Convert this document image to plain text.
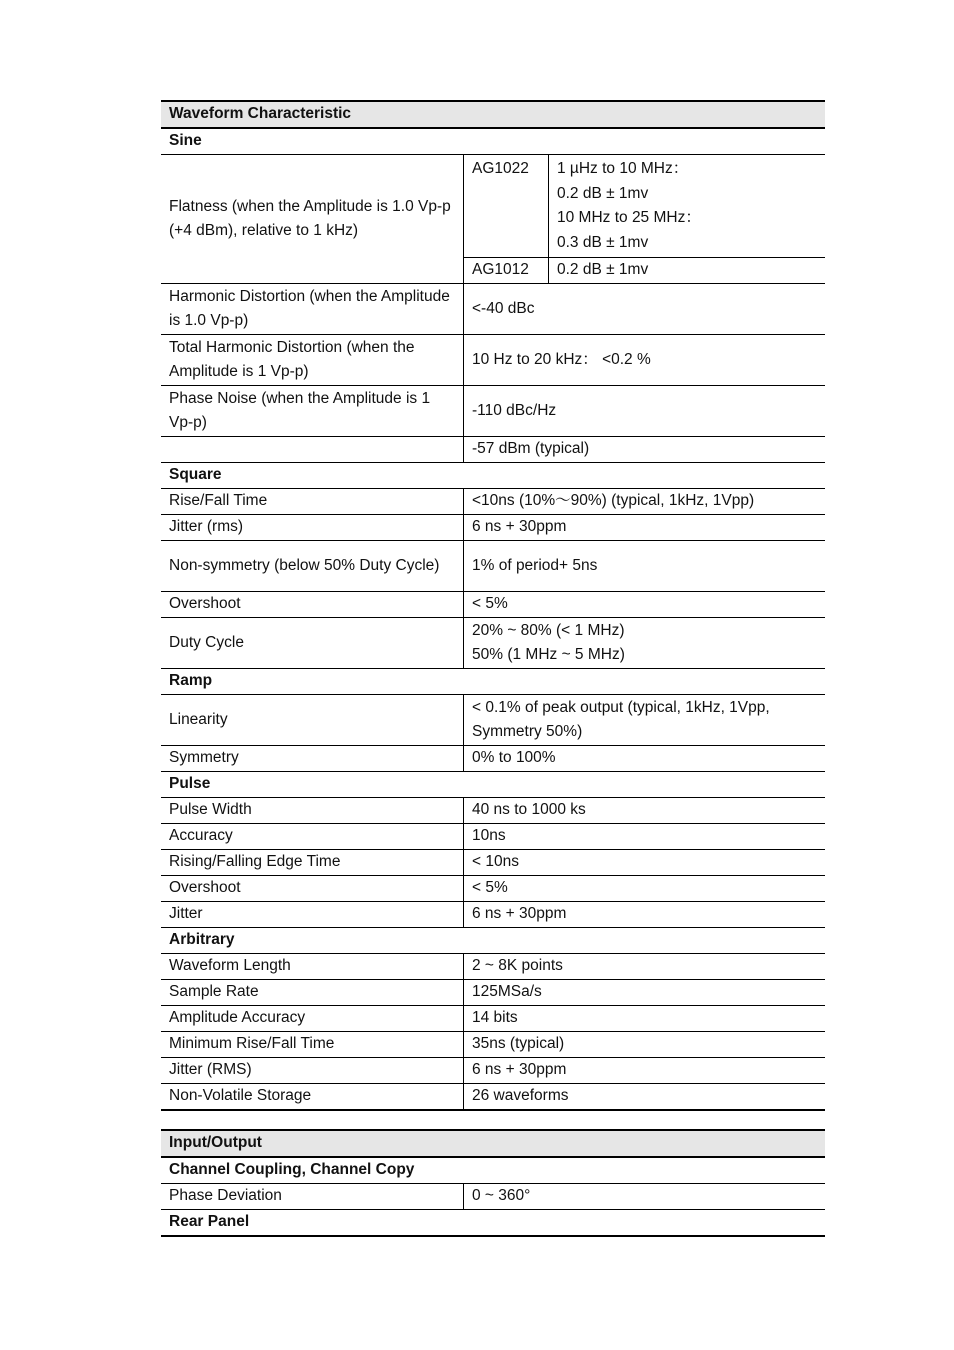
Waveform Characteristic		
Sine		
Flatness (when the Amplitude is 1.0 Vp-p (+4 dBm), relative to 1 kHz)	AG1022	1 µHz to 10 MHz：
0.2 dB ± 1mv
10 MHz to 25 MHz：
0.3 dB ± 1mv

	AG1012	0.2 dB ± 1mv
Harmonic Distortion (when the Amplitude is 1.0 Vp-p)	<-40 dBc	
Total Harmonic Distortion (when the Amplitude is 1 Vp-p)	10 Hz to 20 kHz： <0.2 %	
Phase Noise (when the Amplitude is 1 Vp-p)	-110 dBc/Hz	
	-57 dBm (typical)	
Square		
Rise/Fall Time	<10ns (10%～90%) (typical, 1kHz, 1Vpp)	
Jitter (rms)	6 ns + 30ppm	
Non-symmetry (below 50% Duty Cycle)	1% of period+ 5ns	
Overshoot	< 5%	
Duty Cycle	20% ~ 80% (< 1 MHz)
50% (1 MHz ~ 5 MHz)	

Ramp		
Linearity	< 0.1% of peak output (typical, 1kHz, 1Vpp, Symmetry 50%)	
Symmetry	0% to 100%	
Pulse		
Pulse Width	40 ns to 1000 ks	
Accuracy	10ns	
Rising/Falling Edge Time	< 10ns	
Overshoot	< 5%	
Jitter	6 ns + 30ppm	
Arbitrary		
Waveform Length	2 ~ 8K points	
Sample Rate	125MSa/s	
Amplitude Accuracy	14 bits	
Minimum Rise/Fall Time	35ns (typical)	
Jitter (RMS)	6 ns + 30ppm	
Non-Volatile Storage	26 waveforms	
Input/Output
Channel Coupling, Channel Copy
Phase Deviation	0 ~ 360°
Rear Panel
